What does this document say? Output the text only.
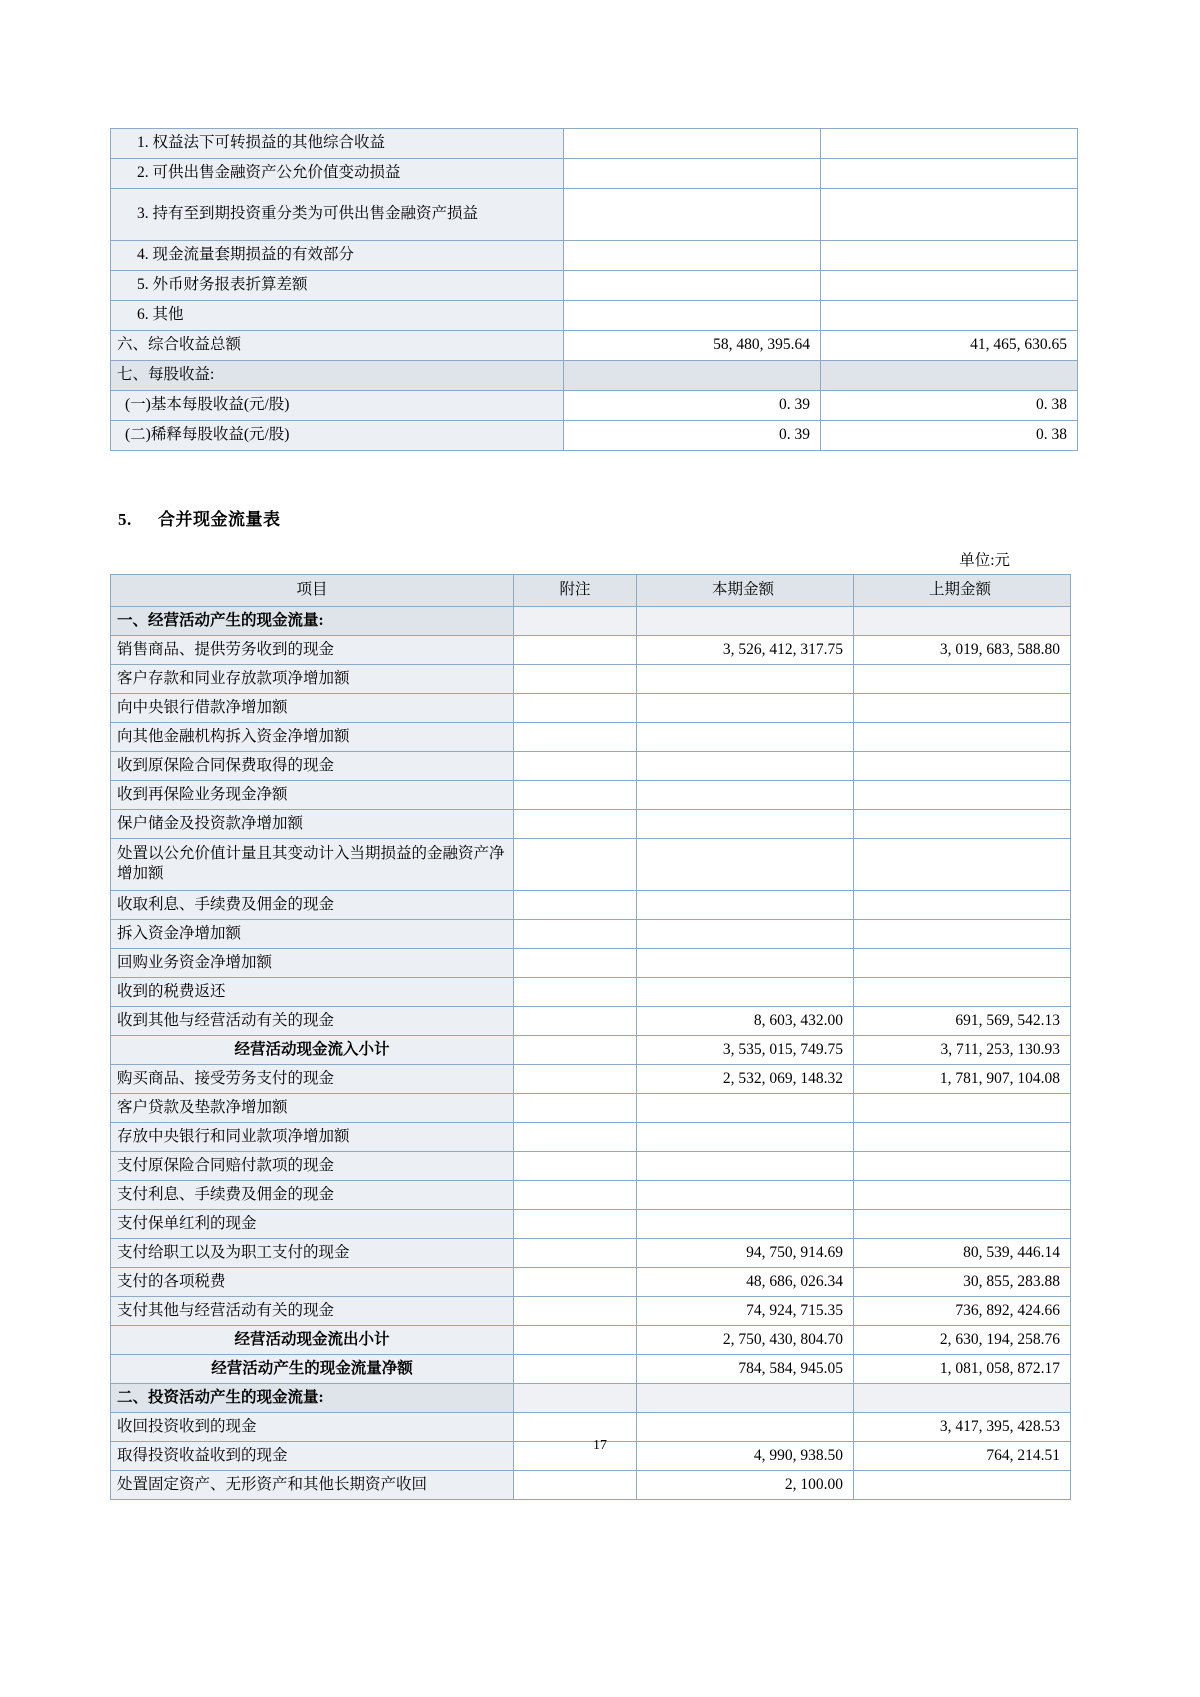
1. 权益法下可转损益的其他综合收益		
2. 可供出售金融资产公允价值变动损益		
3. 持有至到期投资重分类为可供出售金融资产损益		
4. 现金流量套期损益的有效部分		
5. 外币财务报表折算差额		
6. 其他		
六、综合收益总额	58, 480, 395.64	41, 465, 630.65
七、每股收益:		
(一)基本每股收益(元/股)	0. 39	0. 38
(二)稀释每股收益(元/股)	0. 39	0. 38
5. 合并现金流量表
单位:元
项目	附注	本期金额	上期金额
一、经营活动产生的现金流量:			
销售商品、提供劳务收到的现金		3, 526, 412, 317.75	3, 019, 683, 588.80
客户存款和同业存放款项净增加额			
向中央银行借款净增加额			
向其他金融机构拆入资金净增加额			
收到原保险合同保费取得的现金			
收到再保险业务现金净额			
保户储金及投资款净增加额			
处置以公允价值计量且其变动计入当期损益的金融资产净增加额			
收取利息、手续费及佣金的现金			
拆入资金净增加额			
回购业务资金净增加额			
收到的税费返还			
收到其他与经营活动有关的现金		8, 603, 432.00	691, 569, 542.13
经营活动现金流入小计		3, 535, 015, 749.75	3, 711, 253, 130.93
购买商品、接受劳务支付的现金		2, 532, 069, 148.32	1, 781, 907, 104.08
客户贷款及垫款净增加额			
存放中央银行和同业款项净增加额			
支付原保险合同赔付款项的现金			
支付利息、手续费及佣金的现金			
支付保单红利的现金			
支付给职工以及为职工支付的现金		94, 750, 914.69	80, 539, 446.14
支付的各项税费		48, 686, 026.34	30, 855, 283.88
支付其他与经营活动有关的现金		74, 924, 715.35	736, 892, 424.66
经营活动现金流出小计		2, 750, 430, 804.70	2, 630, 194, 258.76
经营活动产生的现金流量净额		784, 584, 945.05	1, 081, 058, 872.17
二、投资活动产生的现金流量:			
收回投资收到的现金			3, 417, 395, 428.53
取得投资收益收到的现金		4, 990, 938.50	764, 214.51
处置固定资产、无形资产和其他长期资产收回		2, 100.00	
17
